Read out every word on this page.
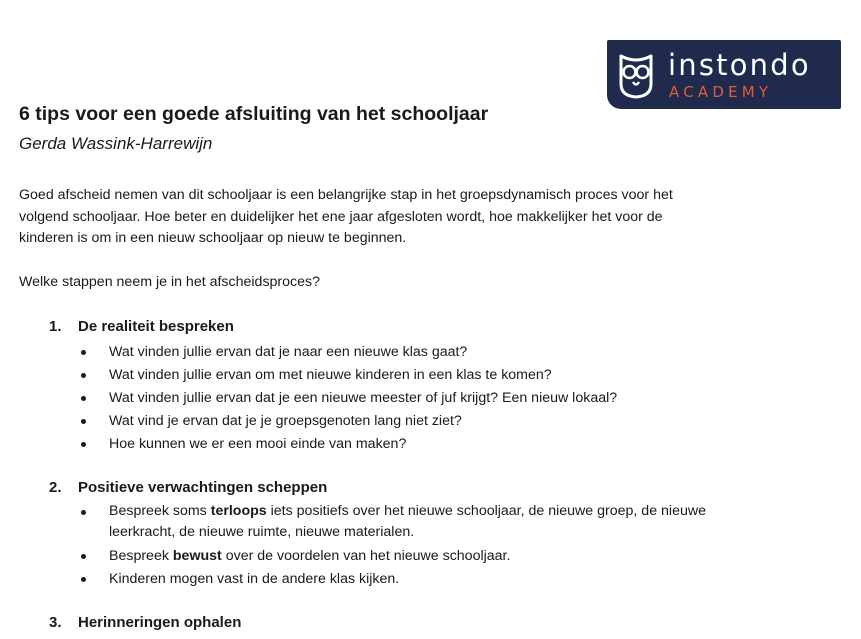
instondo
ACADEMY
6 tips voor een goede afsluiting van het schooljaar
Gerda Wassink-Harrewijn
Goed afscheid nemen van dit schooljaar is een belangrijke stap in het groepsdynamisch proces voor het
volgend schooljaar. Hoe beter en duidelijker het ene jaar afgesloten wordt, hoe makkelijker het voor de
kinderen is om in een nieuw schooljaar op nieuw te beginnen.
Welke stappen neem je in het afscheidsproces?
1. De realiteit bespreken
Wat vinden jullie ervan dat je naar een nieuwe klas gaat?
Wat vinden jullie ervan om met nieuwe kinderen in een klas te komen?
Wat vinden jullie ervan dat je een nieuwe meester of juf krijgt? Een nieuw lokaal?
Wat vind je ervan dat je je groepsgenoten lang niet ziet?
Hoe kunnen we er een mooi einde van maken?
2. Positieve verwachtingen scheppen
Bespreek soms terloops iets positiefs over het nieuwe schooljaar, de nieuwe groep, de nieuwe
leerkracht, de nieuwe ruimte, nieuwe materialen.
Bespreek bewust over de voordelen van het nieuwe schooljaar.
Kinderen mogen vast in de andere klas kijken.
3. Herinneringen ophalen
